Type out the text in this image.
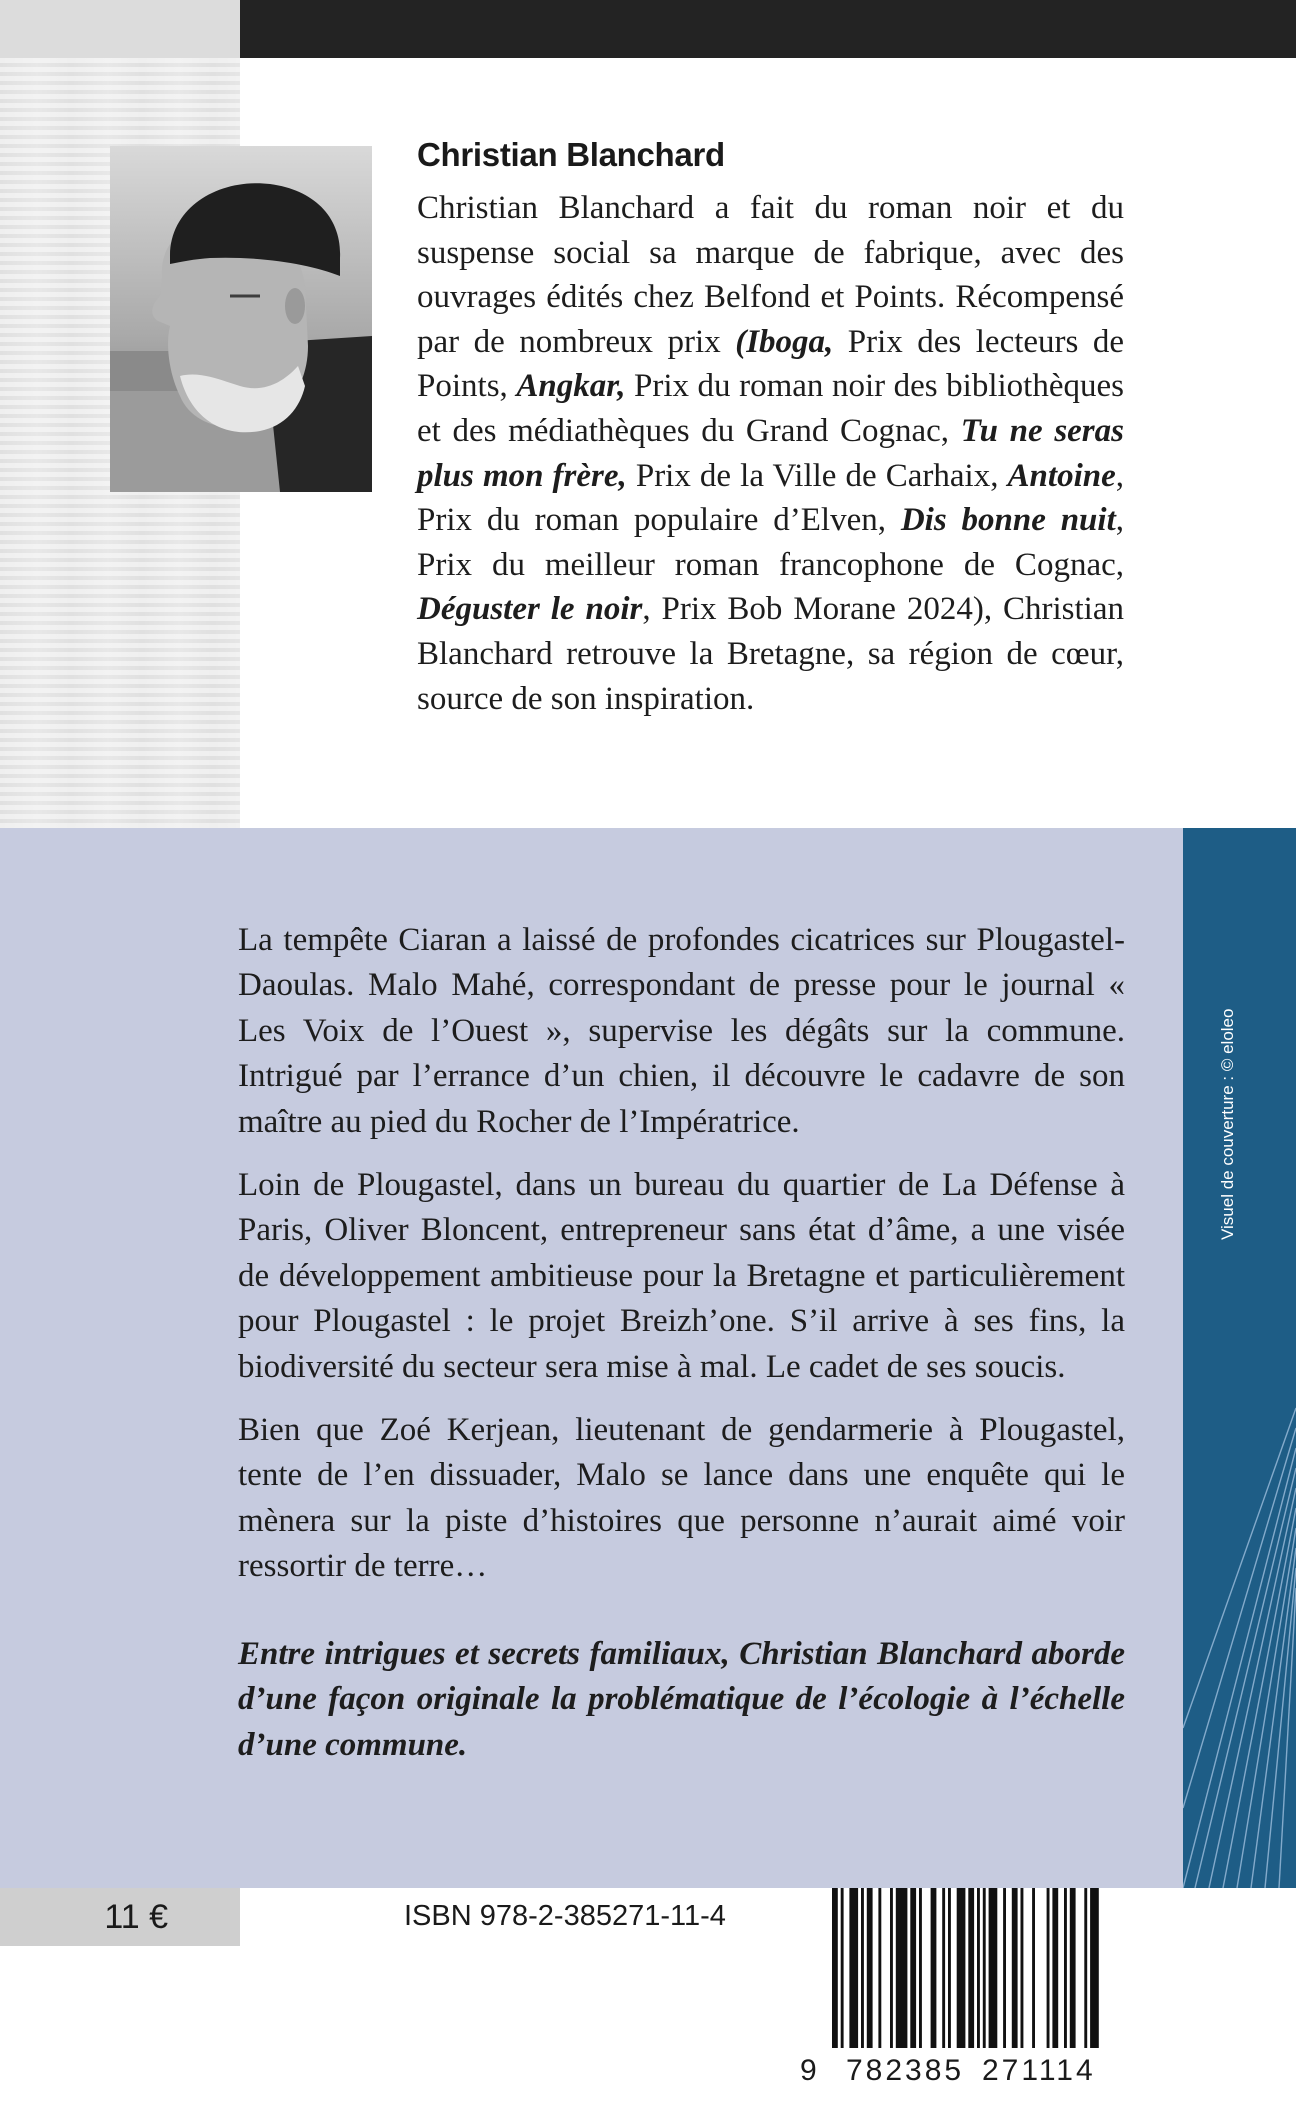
Christian Blanchard

Christian Blanchard a fait du roman noir et du suspense social sa marque de fabrique, avec des ouvrages édités chez Belfond et Points. Récompensé par de nombreux prix (Iboga, Prix des lecteurs de Points, Angkar, Prix du roman noir des bibliothèques et des médiathèques du Grand Cognac, Tu ne seras plus mon frère, Prix de la Ville de Carhaix, Antoine, Prix du roman populaire d’Elven, Dis bonne nuit, Prix du meilleur roman francophone de Cognac, Déguster le noir, Prix Bob Morane 2024), Christian Blanchard retrouve la Bretagne, sa région de cœur, source de son inspiration.

Visuel de couverture : © eloleo

La tempête Ciaran a laissé de profondes cicatrices sur Plougastel-Daoulas. Malo Mahé, correspondant de presse pour le journal « Les Voix de l’Ouest », supervise les dégâts sur la commune. Intrigué par l’errance d’un chien, il découvre le cadavre de son maître au pied du Rocher de l’Impératrice.

Loin de Plougastel, dans un bureau du quartier de La Défense à Paris, Oliver Bloncent, entrepreneur sans état d’âme, a une visée de développement ambitieuse pour la Bretagne et particulièrement pour Plougastel : le projet Breizh’one. S’il arrive à ses fins, la biodiversité du secteur sera mise à mal. Le cadet de ses soucis.

Bien que Zoé Kerjean, lieutenant de gendarmerie à Plougastel, tente de l’en dissuader, Malo se lance dans une enquête qui le mènera sur la piste d’histoires que personne n’aurait aimé voir ressortir de terre…

Entre intrigues et secrets familiaux, Christian Blanchard aborde d’une façon originale la problématique de l’écologie à l’échelle d’une commune.

11 €	ISBN 978-2-385271-11-4
9 782385 271114
